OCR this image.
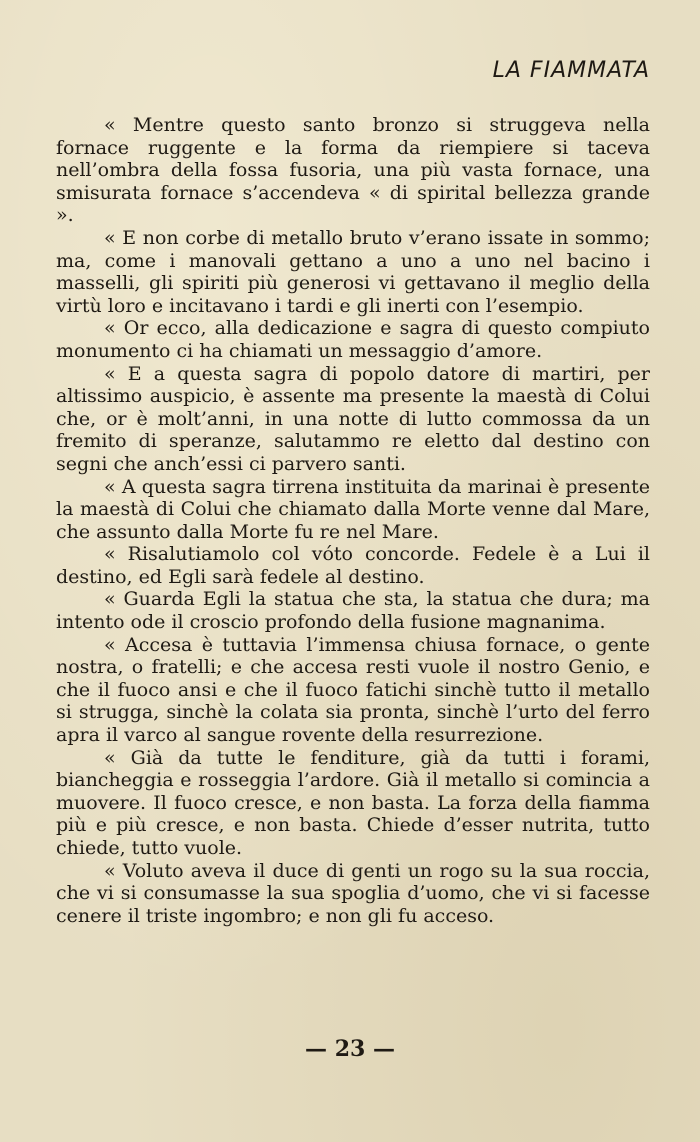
LA FIAMMATA

« Mentre questo santo bronzo si struggeva nella fornace ruggente e la forma da riempiere si taceva nell’ombra della fossa fusoria, una più vasta fornace, una smisurata fornace s’accendeva « di spirital bellezza grande ».

« E non corbe di metallo bruto v’erano issate in sommo; ma, come i manovali gettano a uno a uno nel bacino i masselli, gli spiriti più generosi vi gettavano il meglio della virtù loro e incitavano i tardi e gli inerti con l’esempio.

« Or ecco, alla dedicazione e sagra di questo compiuto monumento ci ha chiamati un messaggio d’amore.

« E a questa sagra di popolo datore di martiri, per altissimo auspicio, è assente ma presente la maestà di Colui che, or è molt’anni, in una notte di lutto commossa da un fremito di speranze, salutammo re eletto dal destino con segni che anch’essi ci parvero santi.

« A questa sagra tirrena instituita da marinai è presente la maestà di Colui che chiamato dalla Morte venne dal Mare, che assunto dalla Morte fu re nel Mare.

« Risalutiamolo col vóto concorde. Fedele è a Lui il destino, ed Egli sarà fedele al destino.

« Guarda Egli la statua che sta, la statua che dura; ma intento ode il croscio profondo della fusione magnanima.

« Accesa è tuttavia l’immensa chiusa fornace, o gente nostra, o fratelli; e che accesa resti vuole il nostro Genio, e che il fuoco ansi e che il fuoco fatichi sinchè tutto il metallo si strugga, sinchè la colata sia pronta, sinchè l’urto del ferro apra il varco al sangue rovente della resurrezione.

« Già da tutte le fenditure, già da tutti i forami, biancheggia e rosseggia l’ardore. Già il metallo si comincia a muovere. Il fuoco cresce, e non basta. La forza della fiamma più e più cresce, e non basta. Chiede d’esser nutrita, tutto chiede, tutto vuole.

« Voluto aveva il duce di genti un rogo su la sua roccia, che vi si consumasse la sua spoglia d’uomo, che vi si facesse cenere il triste ingombro; e non gli fu acceso.

— 23 —
